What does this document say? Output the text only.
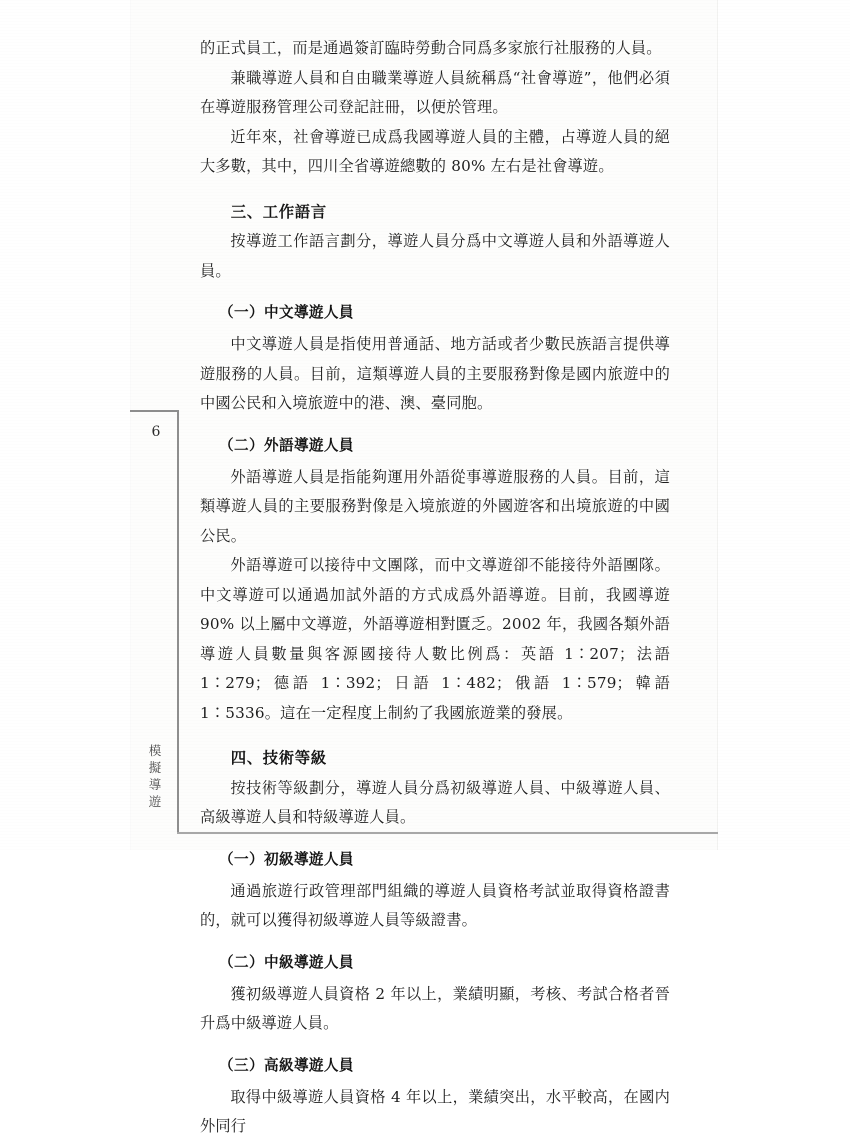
6
模
擬
導
遊

的正式員工，而是通過簽訂臨時勞動合同爲多家旅行社服務的人員。

兼職導遊人員和自由職業導遊人員統稱爲“社會導遊”，他們必須在導遊服務管理公司登記註冊，以便於管理。

近年來，社會導遊已成爲我國導遊人員的主體，占導遊人員的絕大多數，其中，四川全省導遊總數的 80% 左右是社會導遊。

三、工作語言

按導遊工作語言劃分，導遊人員分爲中文導遊人員和外語導遊人員。

（一）中文導遊人員

中文導遊人員是指使用普通話、地方話或者少數民族語言提供導遊服務的人員。目前，這類導遊人員的主要服務對像是國内旅遊中的中國公民和入境旅遊中的港、澳、臺同胞。

（二）外語導遊人員

外語導遊人員是指能夠運用外語從事導遊服務的人員。目前，這類導遊人員的主要服務對像是入境旅遊的外國遊客和出境旅遊的中國公民。

外語導遊可以接待中文團隊，而中文導遊卻不能接待外語團隊。中文導遊可以通過加試外語的方式成爲外語導遊。目前，我國導遊 90% 以上屬中文導遊，外語導遊相對匱乏。2002 年，我國各類外語導遊人員數量與客源國接待人數比例爲：英語 1∶207；法語 1∶279；德語 1∶392；日語 1∶482；俄語 1∶579；韓語 1∶5336。這在一定程度上制約了我國旅遊業的發展。

四、技術等級

按技術等級劃分，導遊人員分爲初級導遊人員、中級導遊人員、高級導遊人員和特級導遊人員。

（一）初級導遊人員

通過旅遊行政管理部門組織的導遊人員資格考試並取得資格證書的，就可以獲得初級導遊人員等級證書。

（二）中級導遊人員

獲初級導遊人員資格 2 年以上，業績明顯，考核、考試合格者晉升爲中級導遊人員。

（三）高級導遊人員

取得中級導遊人員資格 4 年以上，業績突出，水平較高，在國内外同行
